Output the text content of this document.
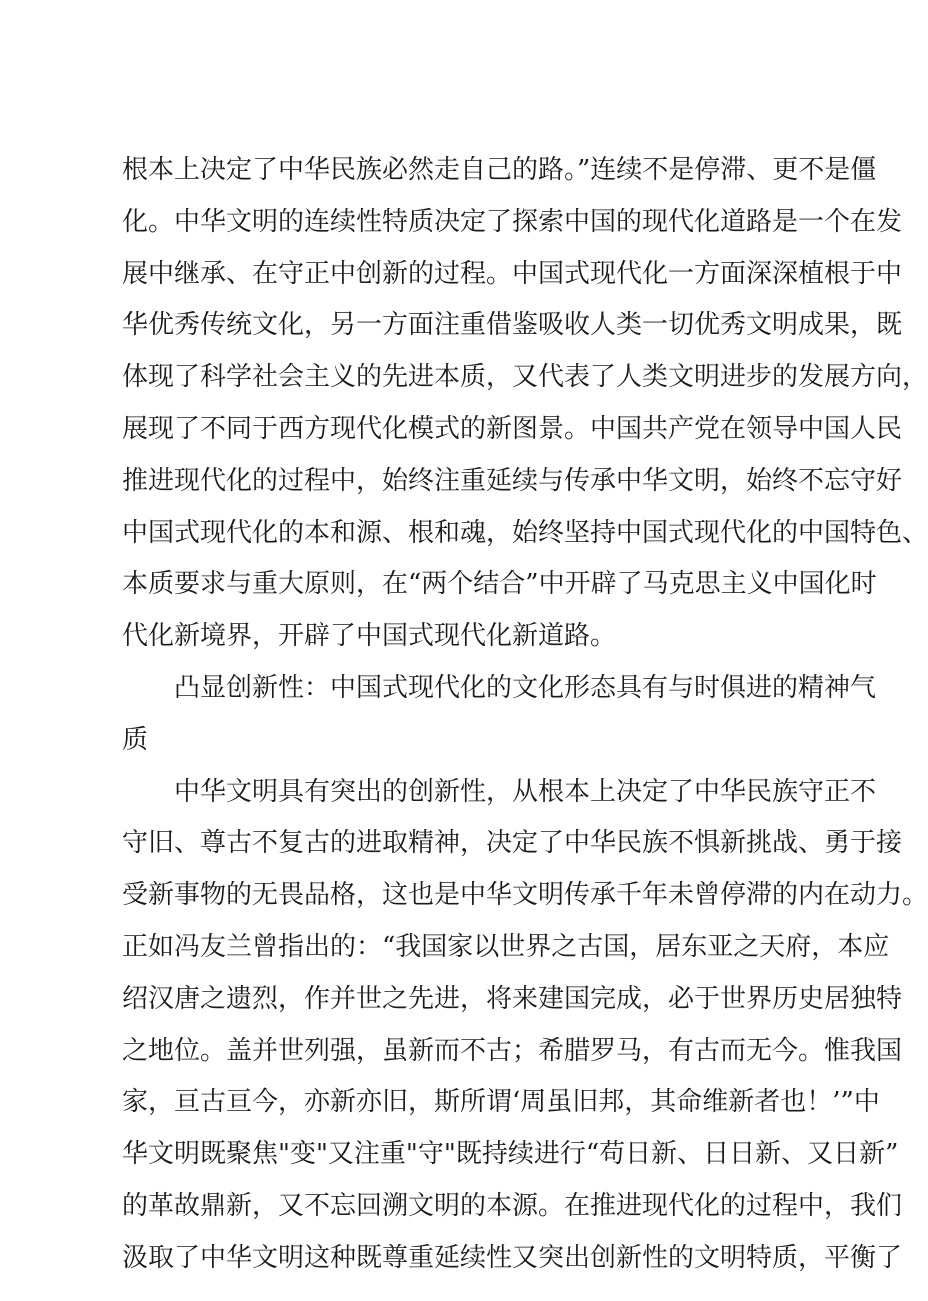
根本上决定了中华民族必然走自己的路。”连续不是停滞、更不是僵
化。中华文明的连续性特质决定了探索中国的现代化道路是一个在发
展中继承、在守正中创新的过程。中国式现代化一方面深深植根于中
华优秀传统文化，另一方面注重借鉴吸收人类一切优秀文明成果，既
体现了科学社会主义的先进本质，又代表了人类文明进步的发展方向，
展现了不同于西方现代化模式的新图景。中国共产党在领导中国人民
推进现代化的过程中，始终注重延续与传承中华文明，始终不忘守好
中国式现代化的本和源、根和魂，始终坚持中国式现代化的中国特色、
本质要求与重大原则，在“两个结合”中开辟了马克思主义中国化时
代化新境界，开辟了中国式现代化新道路。
凸显创新性：中国式现代化的文化形态具有与时俱进的精神气
质
中华文明具有突出的创新性，从根本上决定了中华民族守正不
守旧、尊古不复古的进取精神，决定了中华民族不惧新挑战、勇于接
受新事物的无畏品格，这也是中华文明传承千年未曾停滞的内在动力。
正如冯友兰曾指出的：“我国家以世界之古国，居东亚之天府，本应
绍汉唐之遗烈，作并世之先进，将来建国完成，必于世界历史居独特
之地位。盖并世列强，虽新而不古；希腊罗马，有古而无今。惟我国
家，亘古亘今，亦新亦旧，斯所谓‘周虽旧邦，其命维新者也！’”中
华文明既聚焦"变"又注重"守"既持续进行“苟日新、日日新、又日新”
的革故鼎新，又不忘回溯文明的本源。在推进现代化的过程中，我们
汲取了中华文明这种既尊重延续性又突出创新性的文明特质，平衡了
